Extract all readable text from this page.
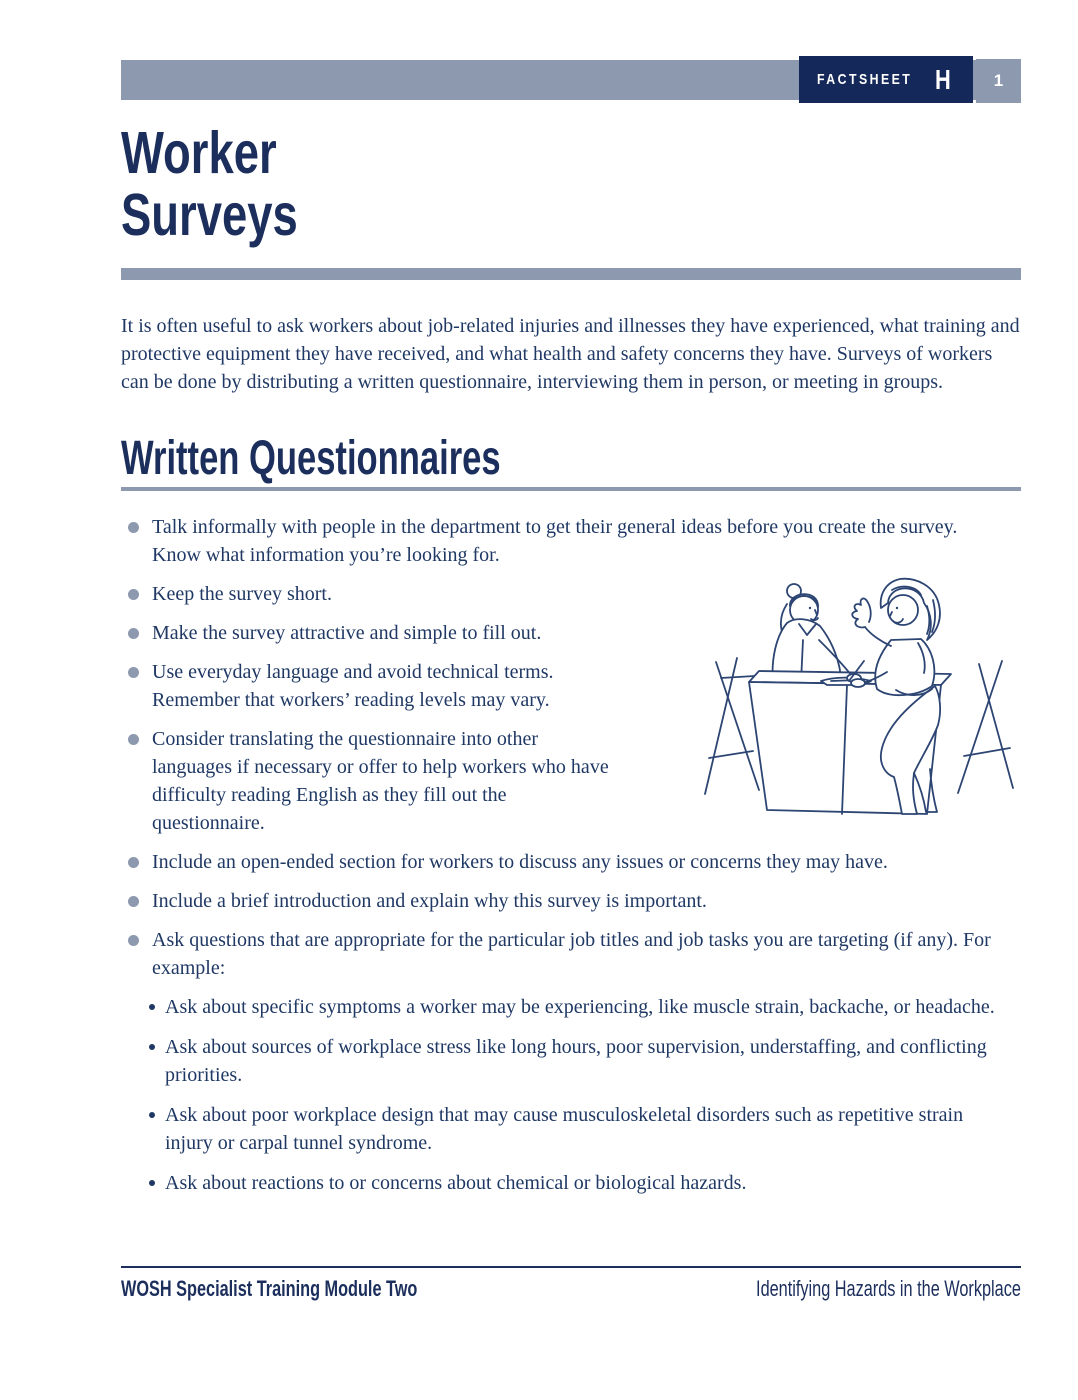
FACTSHEET H	1
Worker
Surveys

It is often useful to ask workers about job-related injuries and illnesses they have experienced, what training and protective equipment they have received, and what health and safety concerns they have. Surveys of workers can be done by distributing a written questionnaire, interviewing them in person, or meeting in groups.

Written Questionnaires
Talk informally with people in the department to get their general ideas before you create the survey. Know what information you’re looking for.
Keep the survey short.
Make the survey attractive and simple to fill out.
Use everyday language and avoid technical terms. Remember that workers’ reading levels may vary.
Consider translating the questionnaire into other languages if necessary or offer to help workers who have difficulty reading English as they fill out the questionnaire.
Include an open-ended section for workers to discuss any issues or concerns they may have.
Include a brief introduction and explain why this survey is important.
Ask questions that are appropriate for the particular job titles and job tasks you are targeting (if any). For example:
Ask about specific symptoms a worker may be experiencing, like muscle strain, backache, or headache.
Ask about sources of workplace stress like long hours, poor supervision, understaffing, and conflicting priorities.
Ask about poor workplace design that may cause musculoskeletal disorders such as repetitive strain injury or carpal tunnel syndrome.
Ask about reactions to or concerns about chemical or biological hazards.
WOSH Specialist Training Module Two	Identifying Hazards in the Workplace
